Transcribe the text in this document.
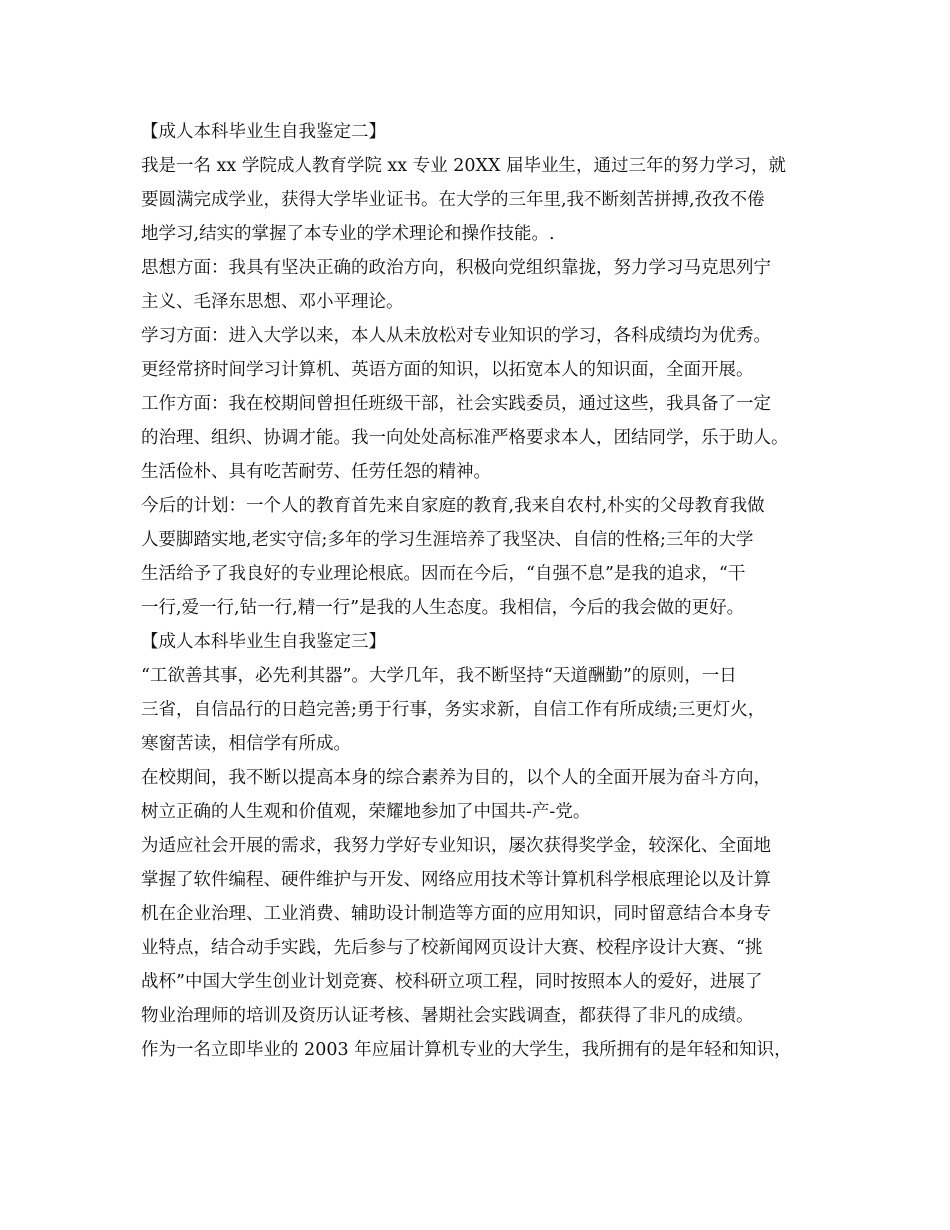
【成人本科毕业生自我鉴定二】
我是一名 xx 学院成人教育学院 xx 专业 20XX 届毕业生，通过三年的努力学习，就
要圆满完成学业，获得大学毕业证书。在大学的三年里,我不断刻苦拼搏,孜孜不倦
地学习,结实的掌握了本专业的学术理论和操作技能。.
思想方面：我具有坚决正确的政治方向，积极向党组织靠拢，努力学习马克思列宁
主义、毛泽东思想、邓小平理论。
学习方面：进入大学以来，本人从未放松对专业知识的学习，各科成绩均为优秀。
更经常挤时间学习计算机、英语方面的知识，以拓宽本人的知识面，全面开展。
工作方面：我在校期间曾担任班级干部，社会实践委员，通过这些，我具备了一定
的治理、组织、协调才能。我一向处处高标准严格要求本人，团结同学，乐于助人。
生活俭朴、具有吃苦耐劳、任劳任怨的精神。
今后的计划：一个人的教育首先来自家庭的教育,我来自农村,朴实的父母教育我做
人要脚踏实地,老实守信;多年的学习生涯培养了我坚决、自信的性格;三年的大学
生活给予了我良好的专业理论根底。因而在今后，“自强不息”是我的追求，“干
一行,爱一行,钻一行,精一行”是我的人生态度。我相信，今后的我会做的更好。
【成人本科毕业生自我鉴定三】
“工欲善其事，必先利其器”。大学几年，我不断坚持“天道酬勤”的原则，一日
三省，自信品行的日趋完善;勇于行事，务实求新，自信工作有所成绩;三更灯火，
寒窗苦读，相信学有所成。
在校期间，我不断以提高本身的综合素养为目的，以个人的全面开展为奋斗方向，
树立正确的人生观和价值观，荣耀地参加了中国共-产-党。
为适应社会开展的需求，我努力学好专业知识，屡次获得奖学金，较深化、全面地
掌握了软件编程、硬件维护与开发、网络应用技术等计算机科学根底理论以及计算
机在企业治理、工业消费、辅助设计制造等方面的应用知识，同时留意结合本身专
业特点，结合动手实践，先后参与了校新闻网页设计大赛、校程序设计大赛、“挑
战杯”中国大学生创业计划竞赛、校科研立项工程，同时按照本人的爱好，进展了
物业治理师的培训及资历认证考核、暑期社会实践调查，都获得了非凡的成绩。
作为一名立即毕业的 2003 年应届计算机专业的大学生，我所拥有的是年轻和知识，
